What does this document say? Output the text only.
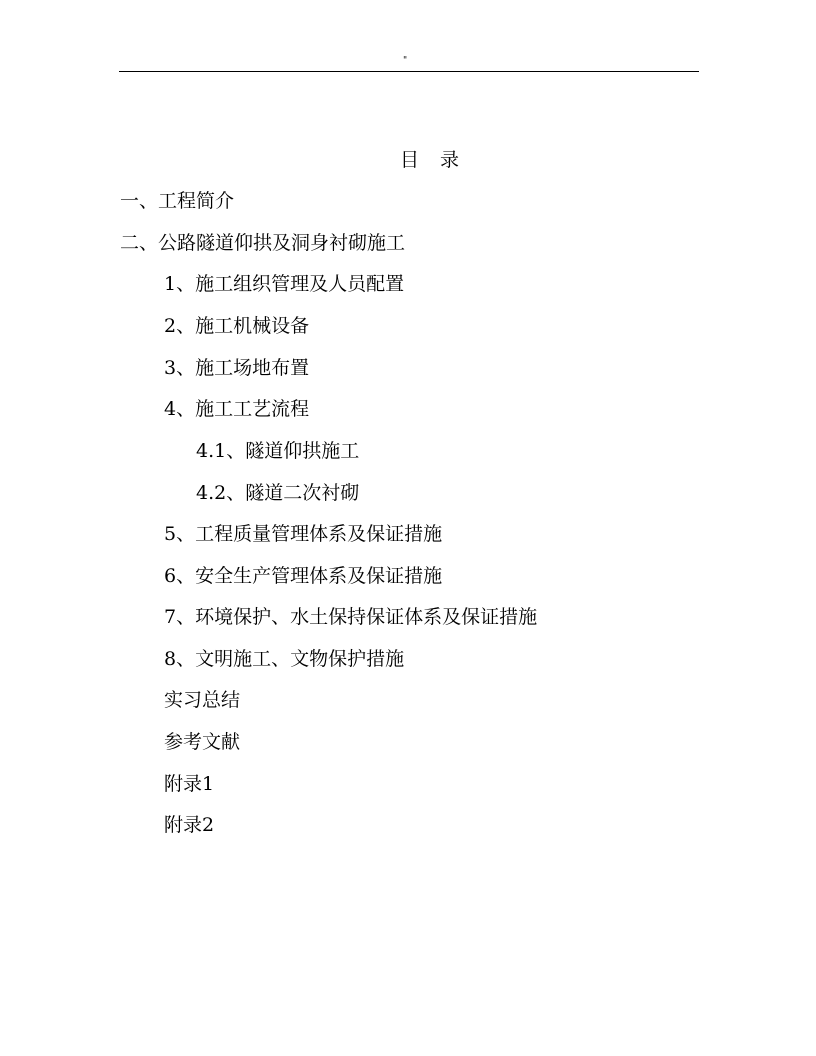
"
目 录
一、工程简介
二、公路隧道仰拱及洞身衬砌施工
1、施工组织管理及人员配置
2、施工机械设备
3、施工场地布置
4、施工工艺流程
4.1、隧道仰拱施工
4.2、隧道二次衬砌
5、工程质量管理体系及保证措施
6、安全生产管理体系及保证措施
7、环境保护、水土保持保证体系及保证措施
8、文明施工、文物保护措施
实习总结
参考文献
附录1
附录2
